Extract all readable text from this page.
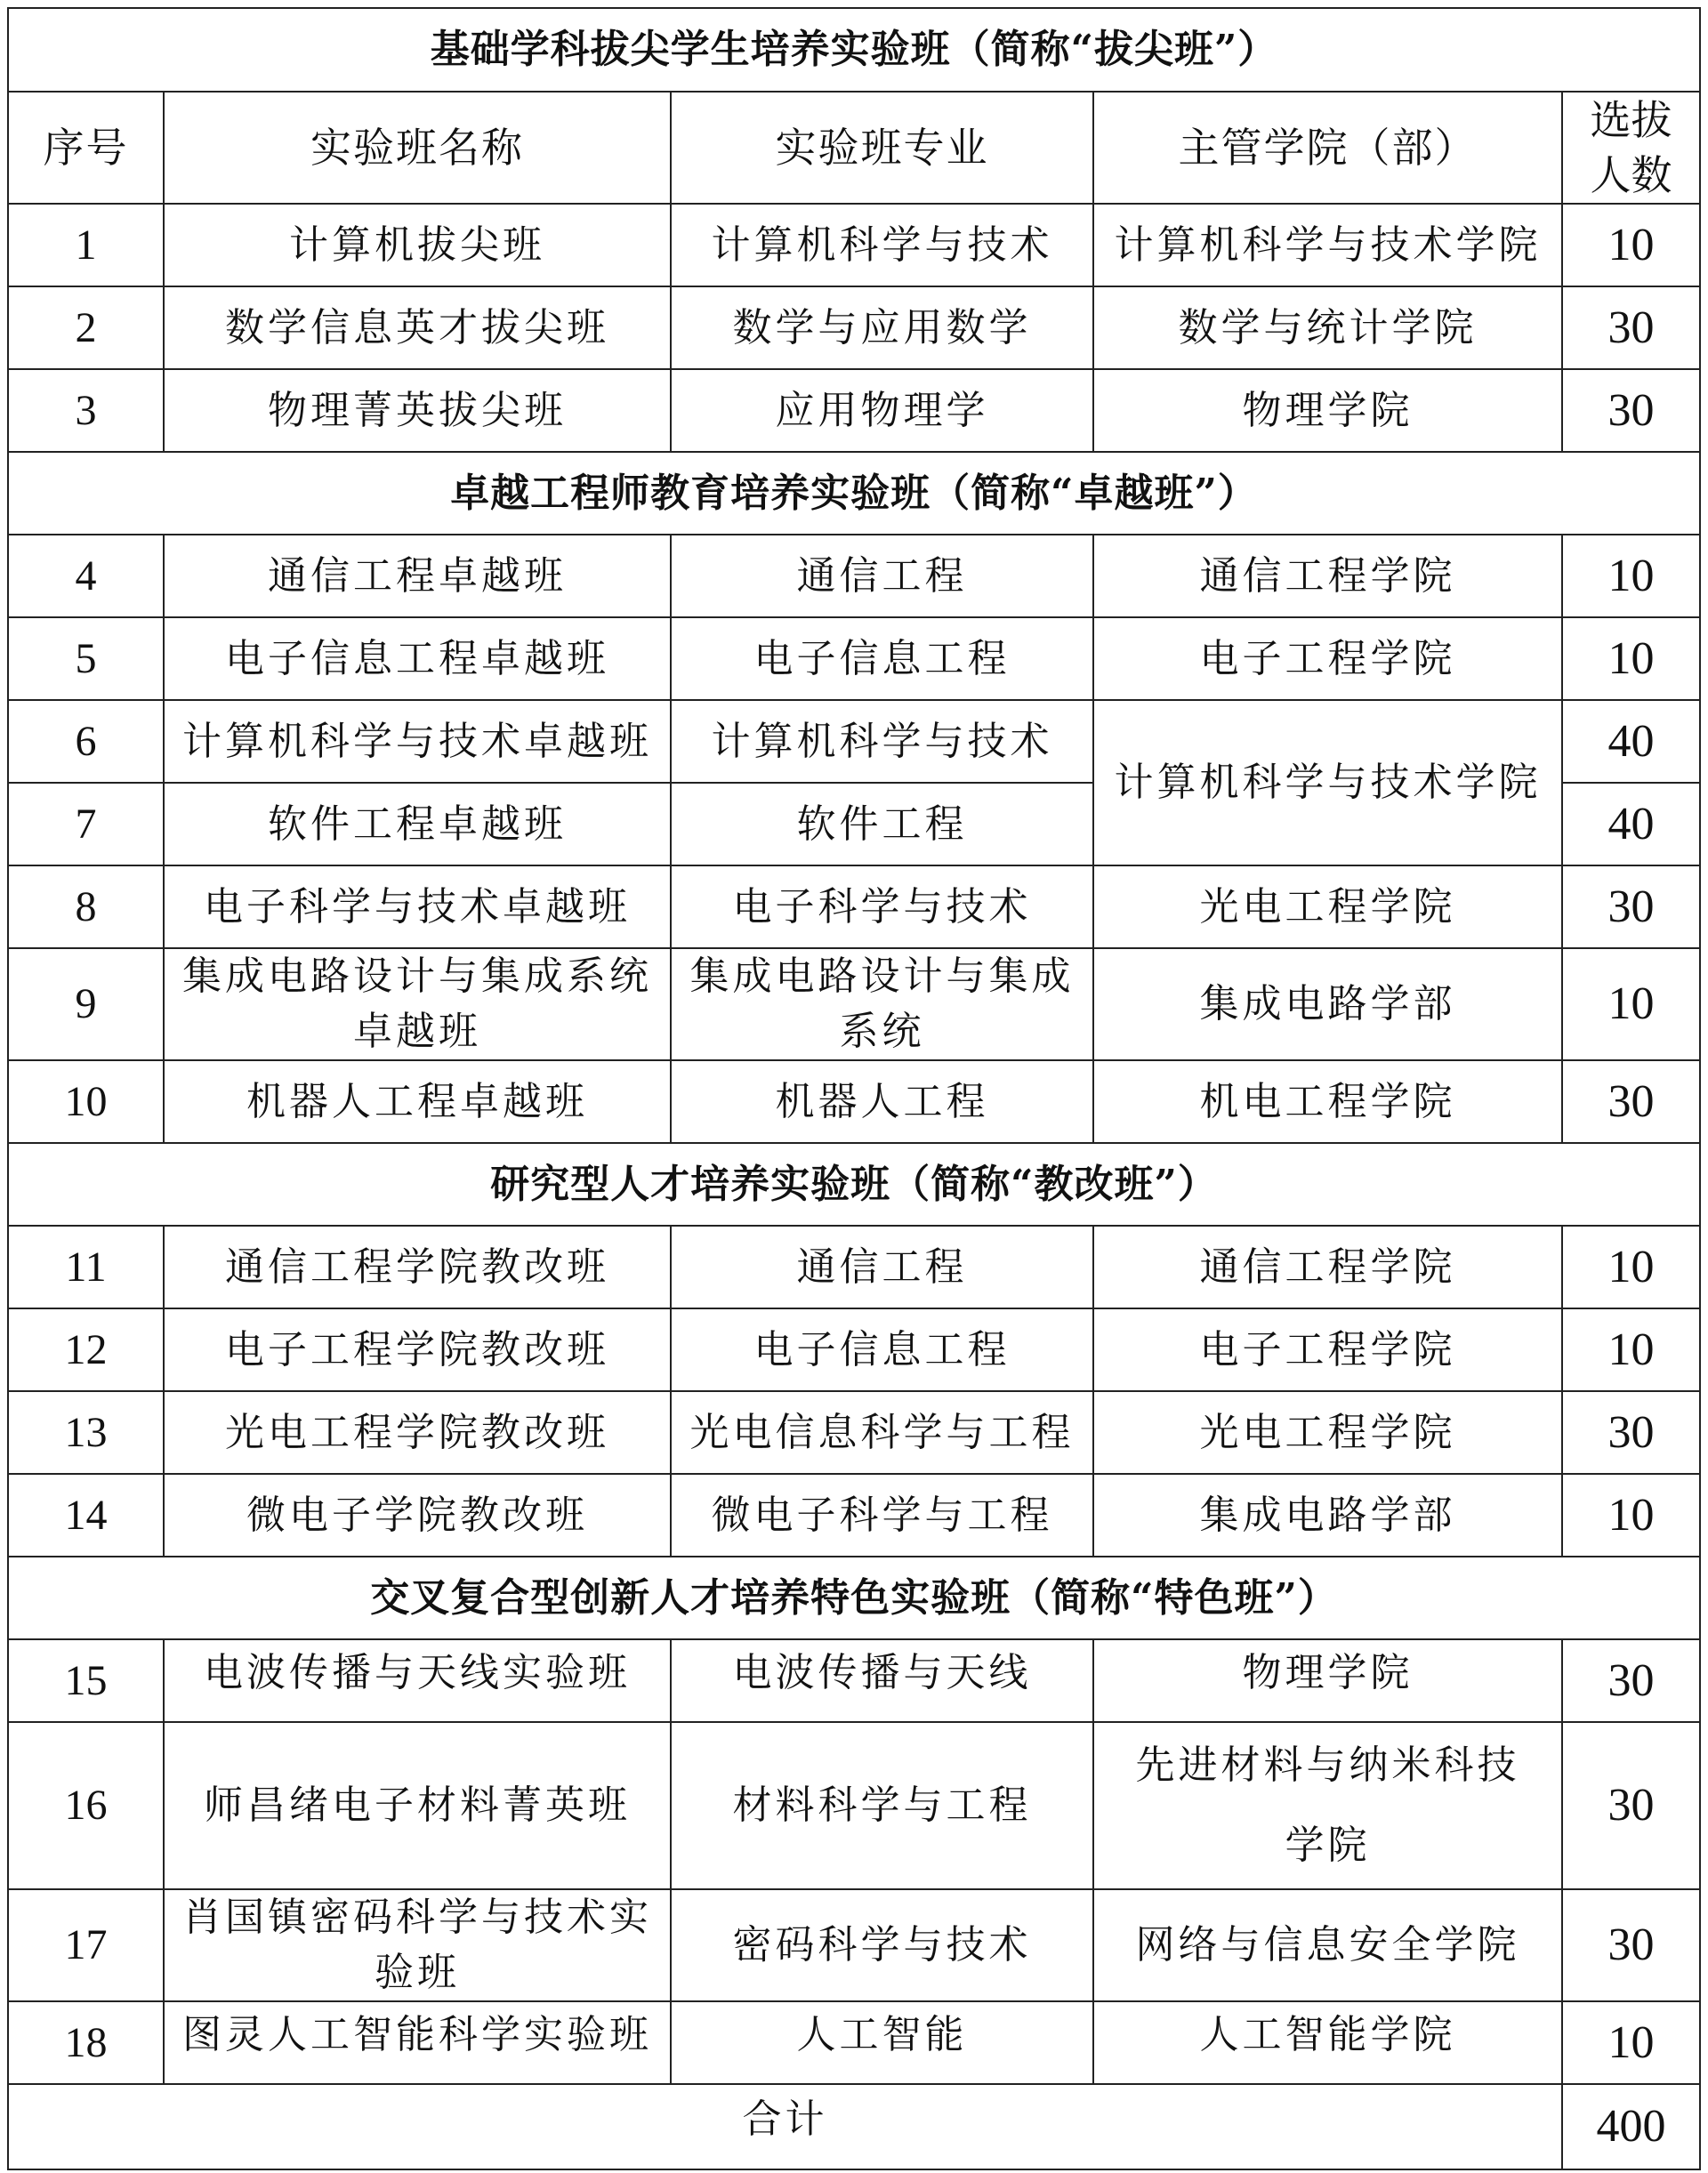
基础学科拔尖学生培养实验班（简称“拔尖班”）				
序号	实验班名称	实验班专业	主管学院（部）	选拔人数
1	计算机拔尖班	计算机科学与技术	计算机科学与技术学院	10
2	数学信息英才拔尖班	数学与应用数学	数学与统计学院	30
3	物理菁英拔尖班	应用物理学	物理学院	30
卓越工程师教育培养实验班（简称“卓越班”）				
4	通信工程卓越班	通信工程	通信工程学院	10
5	电子信息工程卓越班	电子信息工程	电子工程学院	10
6	计算机科学与技术卓越班	计算机科学与技术	计算机科学与技术学院	40
7	软件工程卓越班	软件工程		40
8	电子科学与技术卓越班	电子科学与技术	光电工程学院	30
9	集成电路设计与集成系统卓越班	集成电路设计与集成系统	集成电路学部	10
10	机器人工程卓越班	机器人工程	机电工程学院	30
研究型人才培养实验班（简称“教改班”）				
11	通信工程学院教改班	通信工程	通信工程学院	10
12	电子工程学院教改班	电子信息工程	电子工程学院	10
13	光电工程学院教改班	光电信息科学与工程	光电工程学院	30
14	微电子学院教改班	微电子科学与工程	集成电路学部	10
交叉复合型创新人才培养特色实验班（简称“特色班”）				
15	电波传播与天线实验班	电波传播与天线	物理学院	30
16	师昌绪电子材料菁英班	材料科学与工程	先进材料与纳米科技学院	30
17	肖国镇密码科学与技术实验班	密码科学与技术	网络与信息安全学院	30
18	图灵人工智能科学实验班	人工智能	人工智能学院	10
合计				400
